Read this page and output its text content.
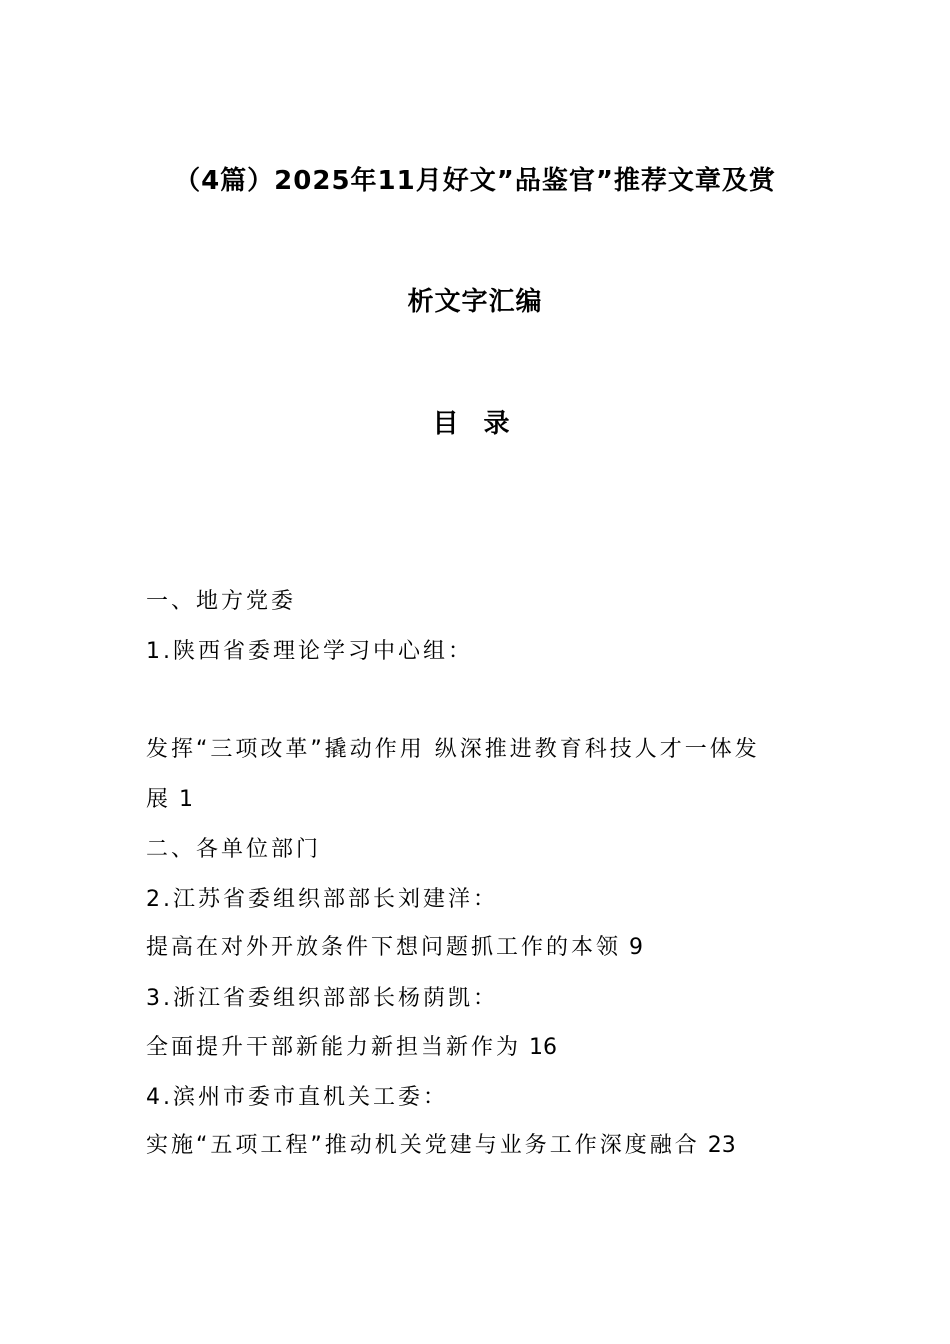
（4篇）2025年11月好文”品鉴官”推荐文章及赏
析文字汇编
目 录
一、地方党委
1.陕西省委理论学习中心组：
发挥“三项改革”撬动作用 纵深推进教育科技人才一体发
展 1
二、各单位部门
2.江苏省委组织部部长刘建洋：
提高在对外开放条件下想问题抓工作的本领 9
3.浙江省委组织部部长杨荫凯：
全面提升干部新能力新担当新作为 16
4.滨州市委市直机关工委：
实施“五项工程”推动机关党建与业务工作深度融合 23
